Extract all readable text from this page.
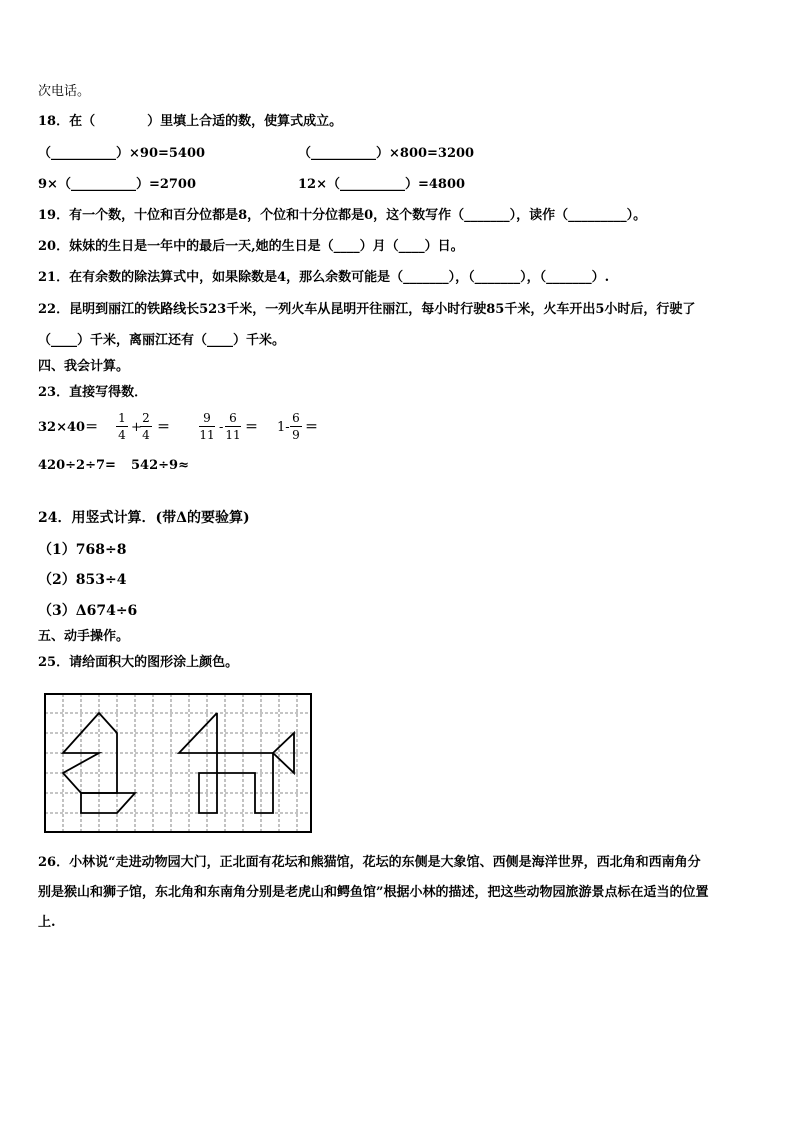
次电话。
18．在（　　　　）里填上合适的数，使算式成立。
（__________）×90=5400	（__________）×800=3200
9×（__________）=2700	12×（__________）=4800
19．有一个数，十位和百分位都是8，个位和十分位都是0，这个数写作（_______），读作（_________）。
20．妹妹的生日是一年中的最后一天,她的生日是（____）月（____）日。
21．在有余数的除法算式中，如果除数是4，那么余数可能是（_______），（_______），（_______）.
22．昆明到丽江的铁路线长523千米，一列火车从昆明开往丽江，每小时行驶85千米，火车开出5小时后，行驶了
（____）千米，离丽江还有（____）千米。
四、我会计算。
23．直接写得数．
32×40＝
1
4 +
2
4 ＝
9
11 -
6
11 ＝ 1-
6
9 ＝
420÷2÷7= 542÷9≈
24．用竖式计算．(带Δ的要验算)
（1）768÷8
（2）853÷4
（3）Δ674÷6
五、动手操作。
25．请给面积大的图形涂上颜色。
26．小林说“走进动物园大门，正北面有花坛和熊猫馆，花坛的东侧是大象馆、西侧是海洋世界，西北角和西南角分
别是猴山和狮子馆，东北角和东南角分别是老虎山和鳄鱼馆”根据小林的描述，把这些动物园旅游景点标在适当的位置
上.
